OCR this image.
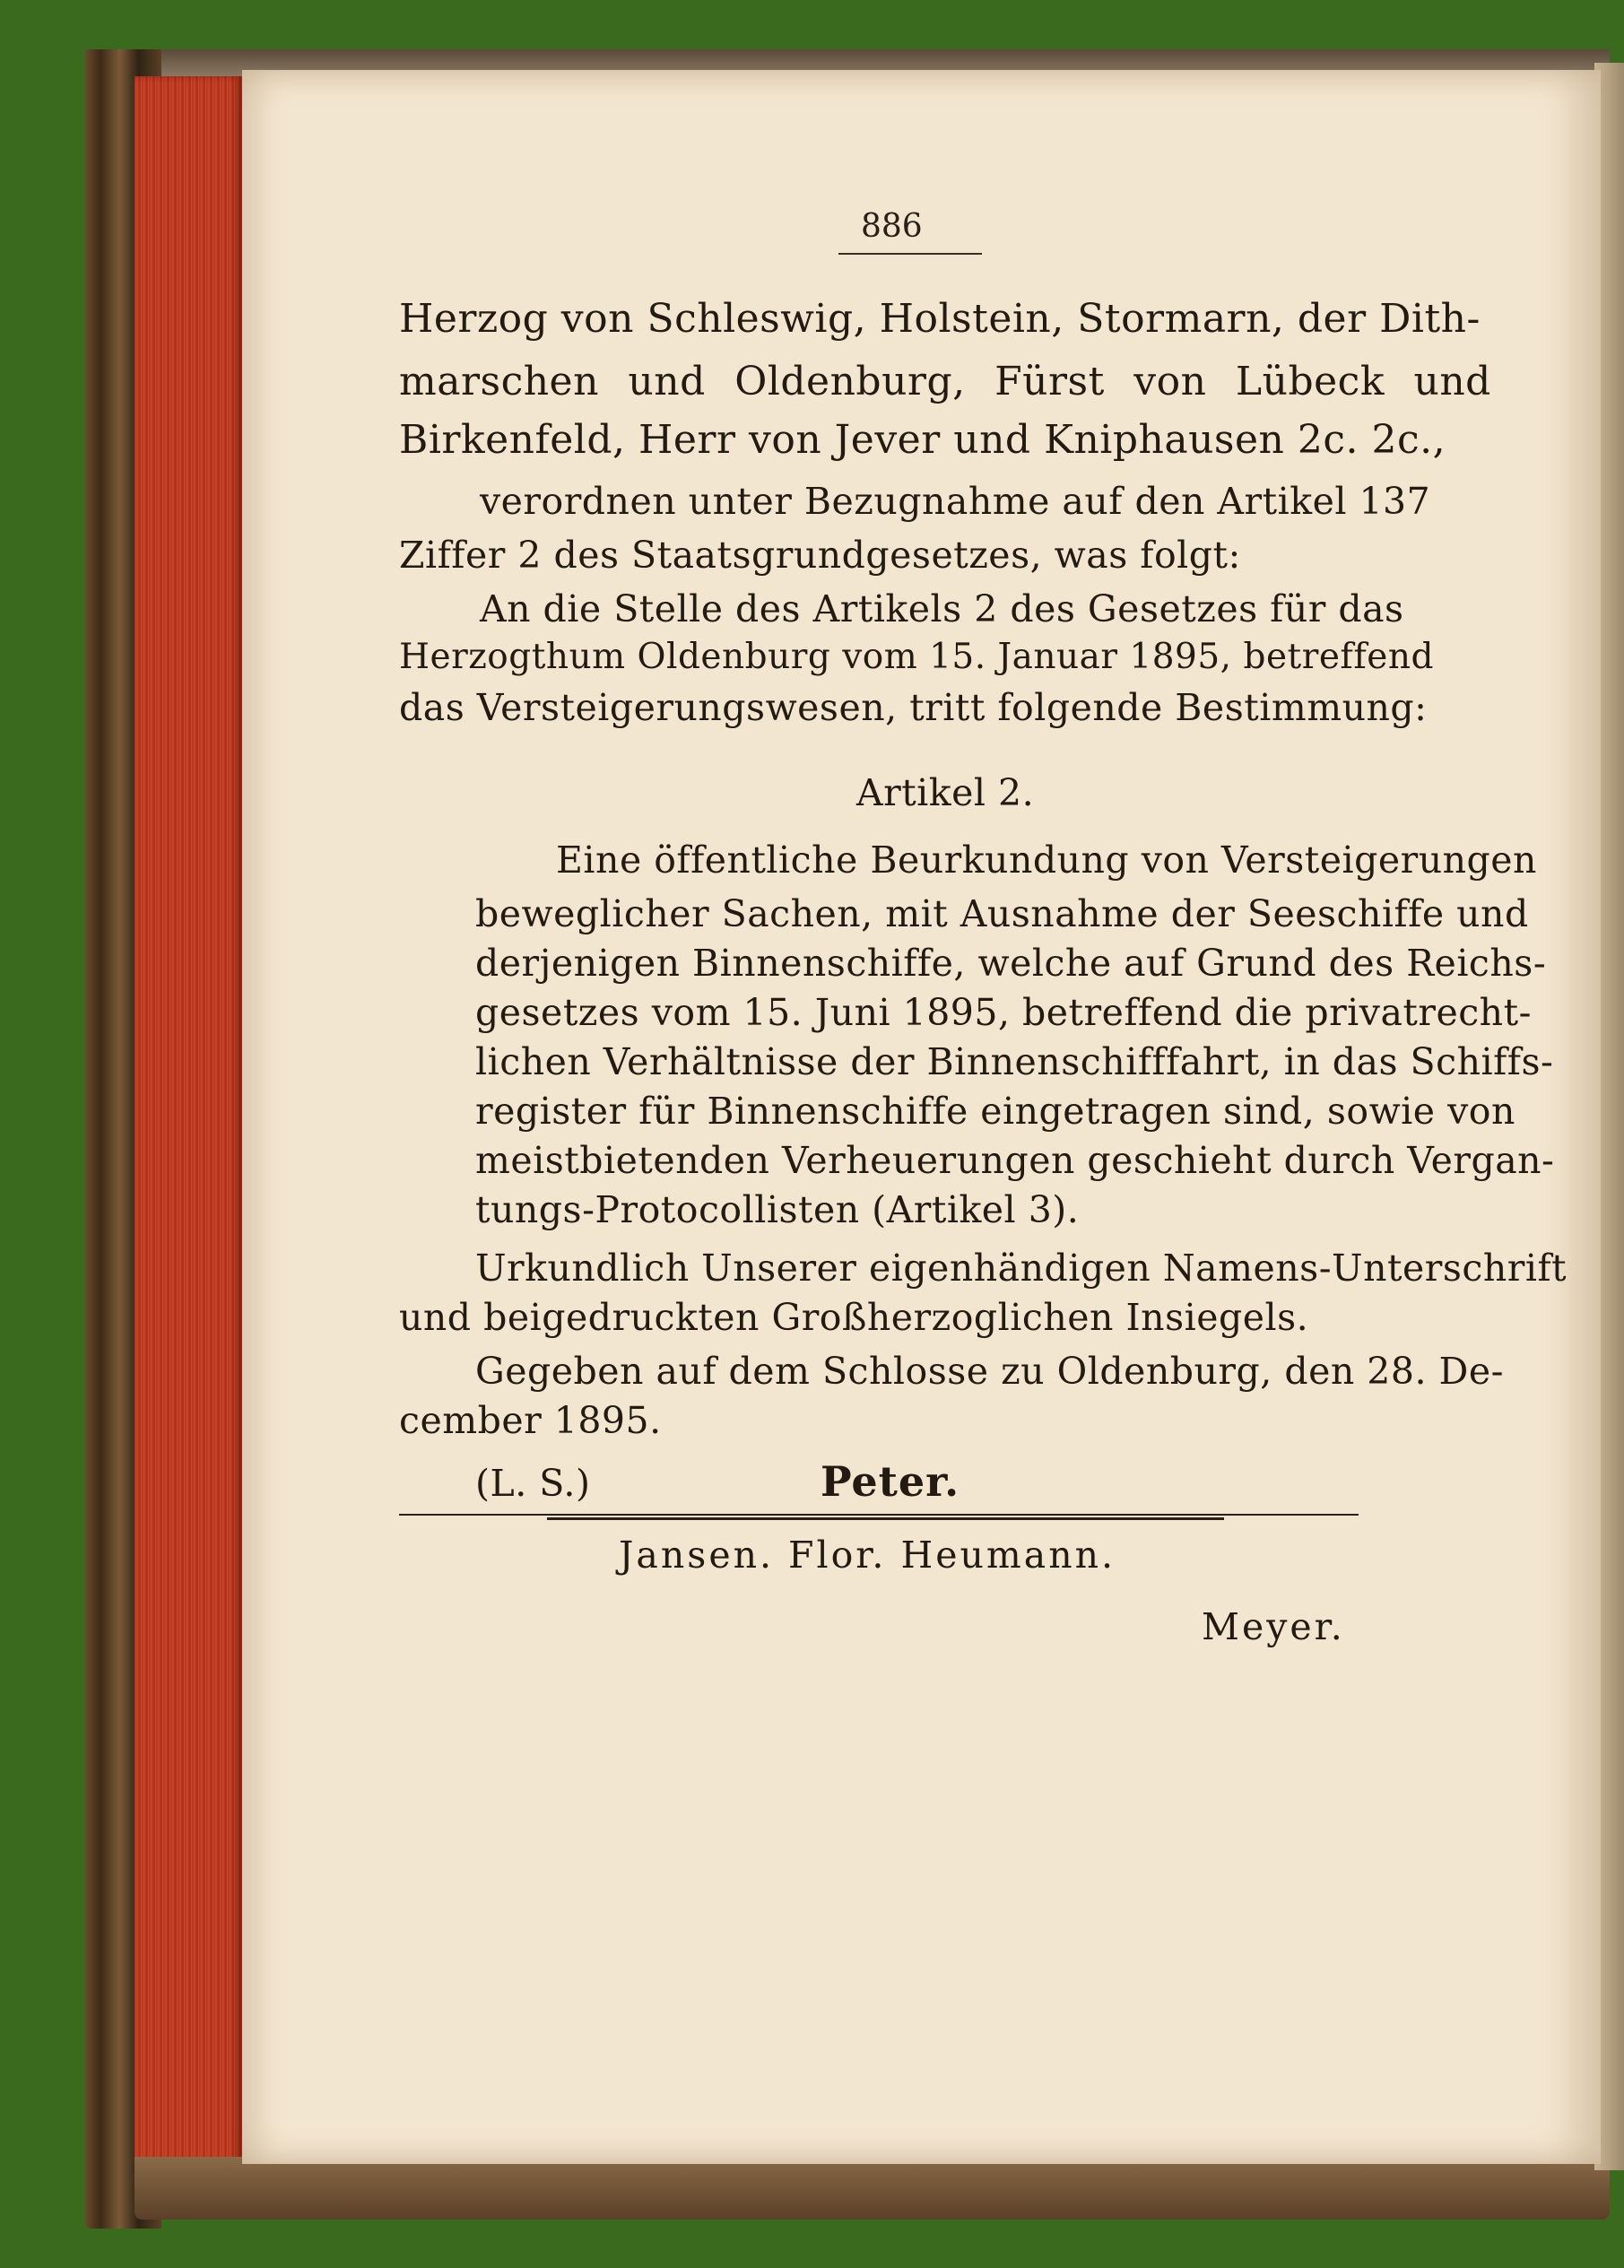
886
Herzog von Schleswig, Holstein, Stormarn, der Dith-
marschen und Oldenburg, Fürst von Lübeck und
Birkenfeld, Herr von Jever und Kniphausen 2c. 2c.,
verordnen unter Bezugnahme auf den Artikel 137
Ziffer 2 des Staatsgrundgesetzes, was folgt:
An die Stelle des Artikels 2 des Gesetzes für das
Herzogthum Oldenburg vom 15. Januar 1895, betreffend
das Versteigerungswesen, tritt folgende Bestimmung:
Artikel 2.
Eine öffentliche Beurkundung von Versteigerungen
beweglicher Sachen, mit Ausnahme der Seeschiffe und
derjenigen Binnenschiffe, welche auf Grund des Reichs-
gesetzes vom 15. Juni 1895, betreffend die privatrecht-
lichen Verhältnisse der Binnenschifffahrt, in das Schiffs-
register für Binnenschiffe eingetragen sind, sowie von
meistbietenden Verheuerungen geschieht durch Vergan-
tungs-Protocollisten (Artikel 3).
Urkundlich Unserer eigenhändigen Namens-Unterschrift
und beigedruckten Großherzoglichen Insiegels.
Gegeben auf dem Schlosse zu Oldenburg, den 28. De-
cember 1895.
(L. S.)	Peter.
Jansen. Flor. Heumann.
Meyer.
